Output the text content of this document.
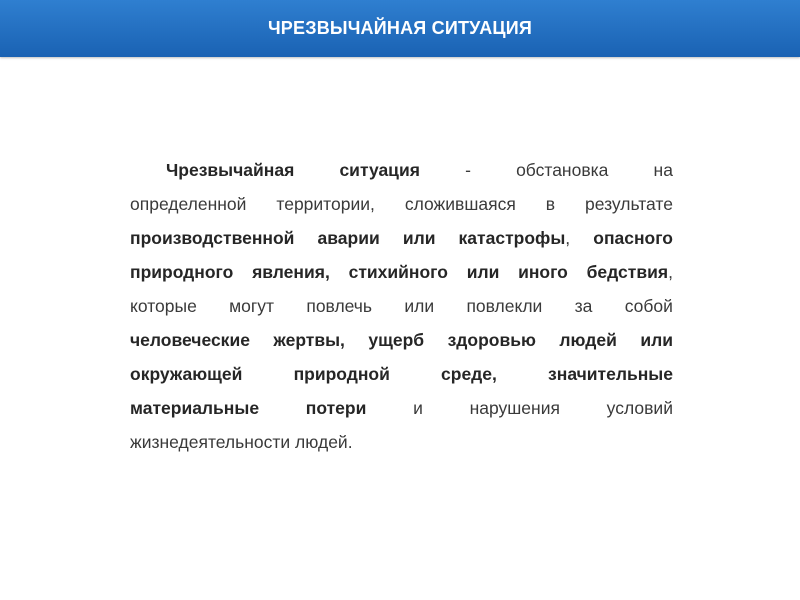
ЧРЕЗВЫЧАЙНАЯ СИТУАЦИЯ
Чрезвычайная	ситуация	-	обстановка	на
определенной территории, сложившаяся в результате
производственной аварии или катастрофы, опасного
природного явления, стихийного или иного бедствия,
которые могут повлечь или повлекли за собой
человеческие жертвы, ущерб здоровью людей или
окружающей	природной	среде,	значительные
материальные	потери	и	нарушения	условий
жизнедеятельности людей.
